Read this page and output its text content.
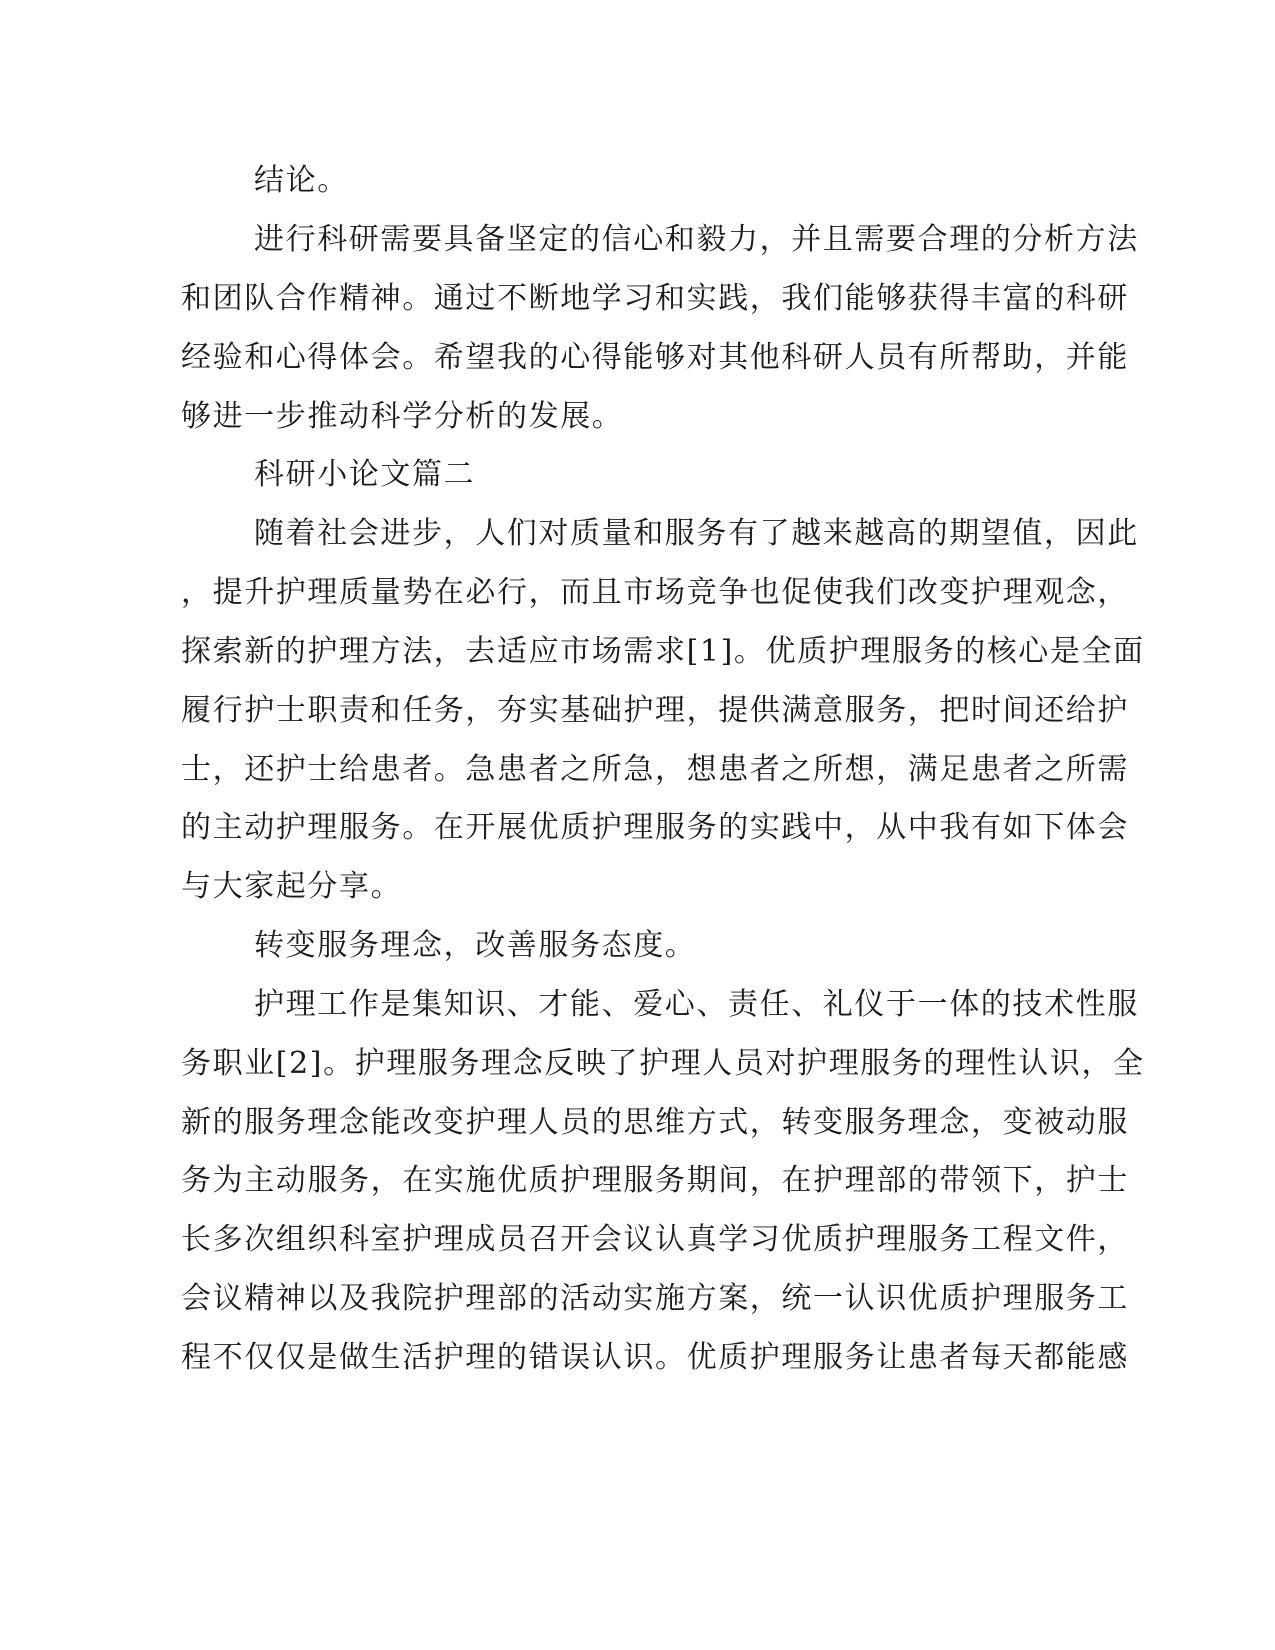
结论。
进行科研需要具备坚定的信心和毅力，并且需要合理的分析方法
和团队合作精神。通过不断地学习和实践，我们能够获得丰富的科研
经验和心得体会。希望我的心得能够对其他科研人员有所帮助，并能
够进一步推动科学分析的发展。
科研小论文篇二
随着社会进步，人们对质量和服务有了越来越高的期望值，因此
，提升护理质量势在必行，而且市场竞争也促使我们改变护理观念，
探索新的护理方法，去适应市场需求[1]。优质护理服务的核心是全面
履行护士职责和任务，夯实基础护理，提供满意服务，把时间还给护
士，还护士给患者。急患者之所急，想患者之所想，满足患者之所需
的主动护理服务。在开展优质护理服务的实践中，从中我有如下体会
与大家起分享。
转变服务理念，改善服务态度。
护理工作是集知识、才能、爱心、责任、礼仪于一体的技术性服
务职业[2]。护理服务理念反映了护理人员对护理服务的理性认识，全
新的服务理念能改变护理人员的思维方式，转变服务理念，变被动服
务为主动服务，在实施优质护理服务期间，在护理部的带领下，护士
长多次组织科室护理成员召开会议认真学习优质护理服务工程文件，
会议精神以及我院护理部的活动实施方案，统一认识优质护理服务工
程不仅仅是做生活护理的错误认识。优质护理服务让患者每天都能感
